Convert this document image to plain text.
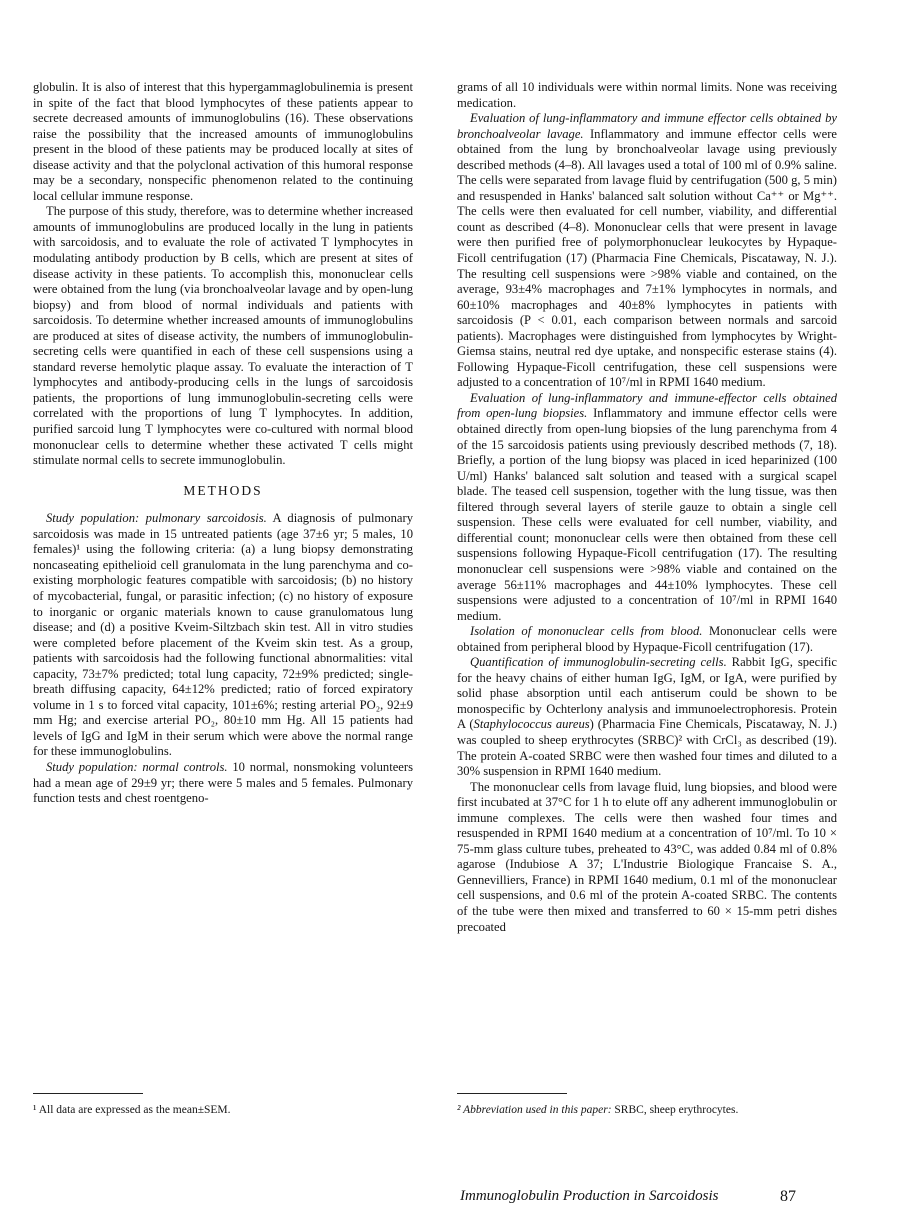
globulin. It is also of interest that this hypergammaglobulinemia is present in spite of the fact that blood lymphocytes of these patients appear to secrete decreased amounts of immunoglobulins (16). These observations raise the possibility that the increased amounts of immunoglobulins present in the blood of these patients may be produced locally at sites of disease activity and that the polyclonal activation of this humoral response may be a secondary, nonspecific phenomenon related to the continuing local cellular immune response.

The purpose of this study, therefore, was to determine whether increased amounts of immunoglobulins are produced locally in the lung in patients with sarcoidosis, and to evaluate the role of activated T lymphocytes in modulating antibody production by B cells, which are present at sites of disease activity in these patients. To accomplish this, mononuclear cells were obtained from the lung (via bronchoalveolar lavage and by open-lung biopsy) and from blood of normal individuals and patients with sarcoidosis. To determine whether increased amounts of immunoglobulins are produced at sites of disease activity, the numbers of immunoglobulin-secreting cells were quantified in each of these cell suspensions using a standard reverse hemolytic plaque assay. To evaluate the interaction of T lymphocytes and antibody-producing cells in the lungs of sarcoidosis patients, the proportions of lung immunoglobulin-secreting cells were correlated with the proportions of lung T lymphocytes. In addition, purified sarcoid lung T lymphocytes were co-cultured with normal blood mononuclear cells to determine whether these activated T cells might stimulate normal cells to secrete immunoglobulin.

METHODS

Study population: pulmonary sarcoidosis. A diagnosis of pulmonary sarcoidosis was made in 15 untreated patients (age 37±6 yr; 5 males, 10 females)¹ using the following criteria: (a) a lung biopsy demonstrating noncaseating epithelioid cell granulomata in the lung parenchyma and co-existing morphologic features compatible with sarcoidosis; (b) no history of mycobacterial, fungal, or parasitic infection; (c) no history of exposure to inorganic or organic materials known to cause granulomatous lung disease; and (d) a positive Kveim-Siltzbach skin test. All in vitro studies were completed before placement of the Kveim skin test. As a group, patients with sarcoidosis had the following functional abnormalities: vital capacity, 73±7% predicted; total lung capacity, 72±9% predicted; single-breath diffusing capacity, 64±12% predicted; ratio of forced expiratory volume in 1 s to forced vital capacity, 101±6%; resting arterial PO₂, 92±9 mm Hg; and exercise arterial PO₂, 80±10 mm Hg. All 15 patients had levels of IgG and IgM in their serum which were above the normal range for these immunoglobulins.

Study population: normal controls. 10 normal, nonsmoking volunteers had a mean age of 29±9 yr; there were 5 males and 5 females. Pulmonary function tests and chest roentgeno-

grams of all 10 individuals were within normal limits. None was receiving medication.

Evaluation of lung-inflammatory and immune effector cells obtained by bronchoalveolar lavage. Inflammatory and immune effector cells were obtained from the lung by bronchoalveolar lavage using previously described methods (4–8). All lavages used a total of 100 ml of 0.9% saline. The cells were separated from lavage fluid by centrifugation (500 g, 5 min) and resuspended in Hanks' balanced salt solution without Ca⁺⁺ or Mg⁺⁺. The cells were then evaluated for cell number, viability, and differential count as described (4–8). Mononuclear cells that were present in lavage were then purified free of polymorphonuclear leukocytes by Hypaque-Ficoll centrifugation (17) (Pharmacia Fine Chemicals, Piscataway, N. J.). The resulting cell suspensions were >98% viable and contained, on the average, 93±4% macrophages and 7±1% lymphocytes in normals, and 60±10% macrophages and 40±8% lymphocytes in patients with sarcoidosis (P < 0.01, each comparison between normals and sarcoid patients). Macrophages were distinguished from lymphocytes by Wright-Giemsa stains, neutral red dye uptake, and nonspecific esterase stains (4). Following Hypaque-Ficoll centrifugation, these cell suspensions were adjusted to a concentration of 10⁷/ml in RPMI 1640 medium.

Evaluation of lung-inflammatory and immune-effector cells obtained from open-lung biopsies. Inflammatory and immune effector cells were obtained directly from open-lung biopsies of the lung parenchyma from 4 of the 15 sarcoidosis patients using previously described methods (7, 18). Briefly, a portion of the lung biopsy was placed in iced heparinized (100 U/ml) Hanks' balanced salt solution and teased with a surgical scapel blade. The teased cell suspension, together with the lung tissue, was then filtered through several layers of sterile gauze to obtain a single cell suspension. These cells were evaluated for cell number, viability, and differential count; mononuclear cells were then obtained from these cell suspensions following Hypaque-Ficoll centrifugation (17). The resulting mononuclear cell suspensions were >98% viable and contained on the average 56±11% macrophages and 44±10% lymphocytes. These cell suspensions were adjusted to a concentration of 10⁷/ml in RPMI 1640 medium.

Isolation of mononuclear cells from blood. Mononuclear cells were obtained from peripheral blood by Hypaque-Ficoll centrifugation (17).

Quantification of immunoglobulin-secreting cells. Rabbit IgG, specific for the heavy chains of either human IgG, IgM, or IgA, were purified by solid phase absorption until each antiserum could be shown to be monospecific by Ochterlony analysis and immunoelectrophoresis. Protein A (Staphylococcus aureus) (Pharmacia Fine Chemicals, Piscataway, N. J.) was coupled to sheep erythrocytes (SRBC)² with CrCl₃ as described (19). The protein A-coated SRBC were then washed four times and diluted to a 30% suspension in RPMI 1640 medium.

The mononuclear cells from lavage fluid, lung biopsies, and blood were first incubated at 37°C for 1 h to elute off any adherent immunoglobulin or immune complexes. The cells were then washed four times and resuspended in RPMI 1640 medium at a concentration of 10⁷/ml. To 10 × 75-mm glass culture tubes, preheated to 43°C, was added 0.84 ml of 0.8% agarose (Indubiose A 37; L'Industrie Biologique Francaise S. A., Gennevilliers, France) in RPMI 1640 medium, 0.1 ml of the mononuclear cell suspensions, and 0.6 ml of the protein A-coated SRBC. The contents of the tube were then mixed and transferred to 60 × 15-mm petri dishes precoated

¹ All data are expressed as the mean±SEM.	² Abbreviation used in this paper: SRBC, sheep erythrocytes.
Immunoglobulin Production in Sarcoidosis	87
